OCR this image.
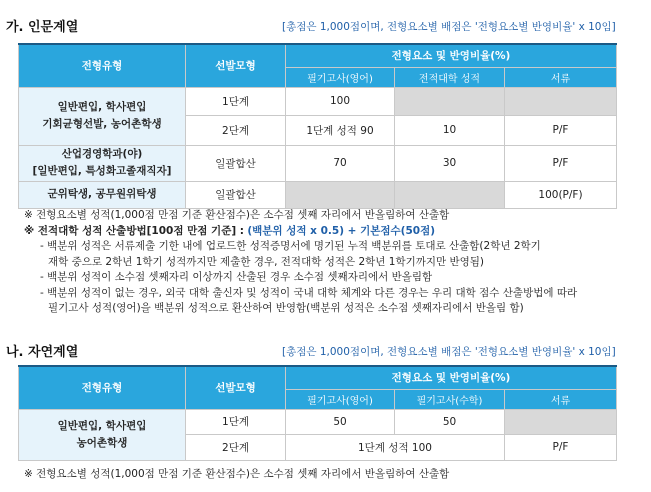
가. 인문계열	[총점은 1,000점이며, 전형요소별 배점은 '전형요소별 반영비율' x 10임]
전형유형	선발모형	전형요소 및 반영비율(%)		
		필기고사(영어)	전적대학 성적	서류
일반편입, 학사편입
기회균형선발, 농어촌학생	1단계	100		
	2단계	1단계 성적 90	10	P/F
산업경영학과(야)
[일반편입, 특성화고졸재직자]	일괄합산	70	30	P/F
군위탁생, 공무원위탁생	일괄합산			100(P/F)
※ 전형요소별 성적(1,000점 만점 기준 환산점수)은 소수점 셋째 자리에서 반올림하여 산출함
※ 전적대학 성적 산출방법[100점 만점 기준] : (백분위 성적 x 0.5) + 기본점수(50점)
- 백분위 성적은 서류제출 기한 내에 업로드한 성적증명서에 명기된 누적 백분위를 토대로 산출함(2학년 2학기
재학 중으로 2학년 1학기 성적까지만 제출한 경우, 전적대학 성적은 2학년 1학기까지만 반영됨)
- 백분위 성적이 소수점 셋째자리 이상까지 산출된 경우 소수점 셋째자리에서 반올림함
- 백분위 성적이 없는 경우, 외국 대학 출신자 및 성적이 국내 대학 체계와 다른 경우는 우리 대학 점수 산출방법에 따라
필기고사 성적(영어)을 백분위 성적으로 환산하여 반영함(백분위 성적은 소수점 셋째자리에서 반올림 함)
나. 자연계열	[총점은 1,000점이며, 전형요소별 배점은 '전형요소별 반영비율' x 10임]
전형유형	선발모형	전형요소 및 반영비율(%)		
		필기고사(영어)	필기고사(수학)	서류
일반편입, 학사편입
농어촌학생	1단계	50	50	
	2단계	1단계 성적 100		P/F
※ 전형요소별 성적(1,000점 만점 기준 환산점수)은 소수점 셋째 자리에서 반올림하여 산출함
